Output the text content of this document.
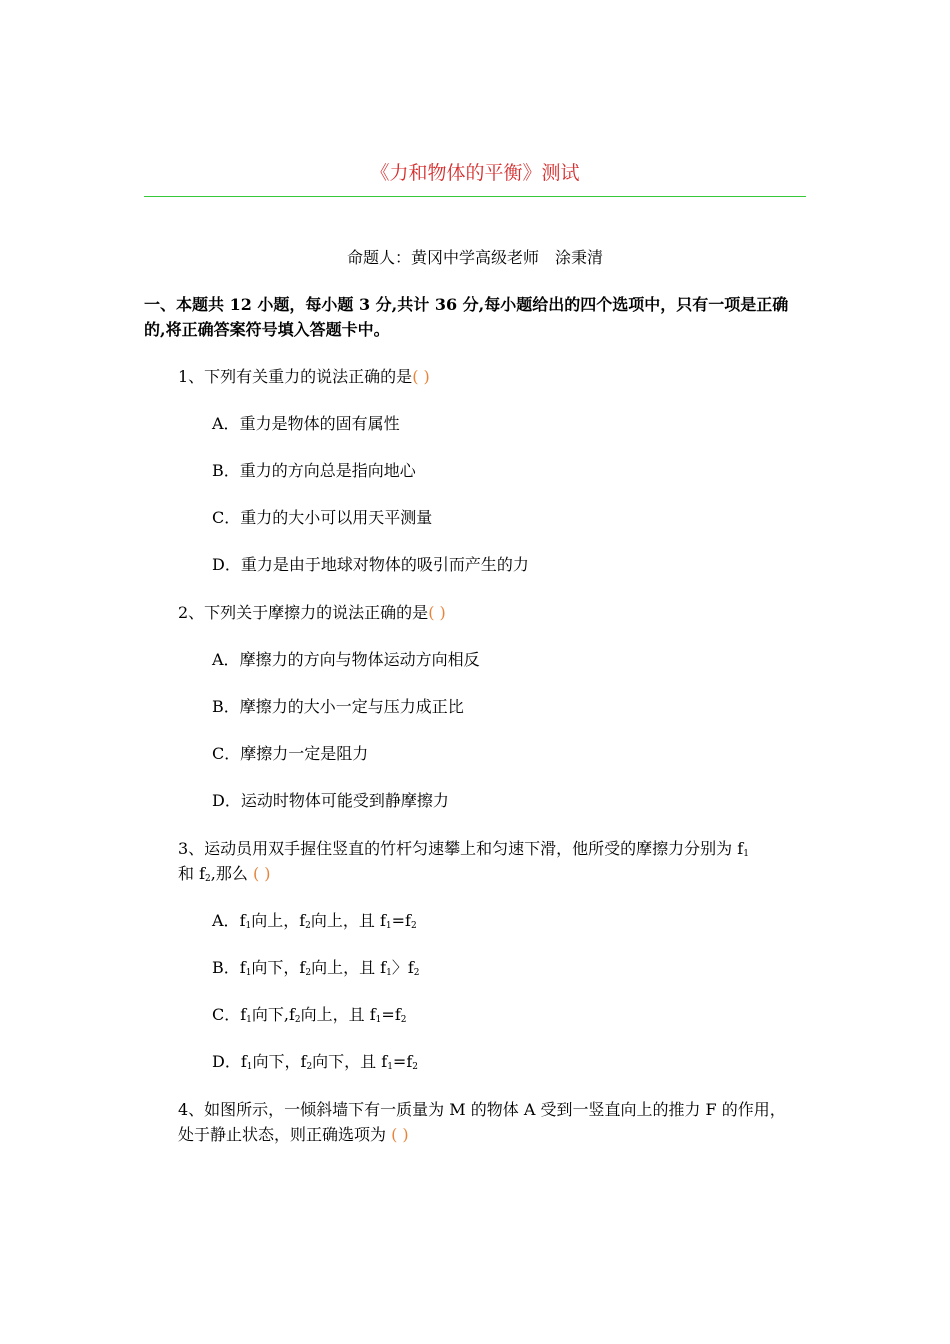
《力和物体的平衡》测试
命题人：黄冈中学高级老师　涂秉清
一、本题共 12 小题，每小题 3 分,共计 36 分,每小题给出的四个选项中，只有一项是正确的,将正确答案符号填入答题卡中。
1、下列有关重力的说法正确的是( )
A．重力是物体的固有属性
B．重力的方向总是指向地心
C．重力的大小可以用天平测量
D．重力是由于地球对物体的吸引而产生的力
2、下列关于摩擦力的说法正确的是( )
A．摩擦力的方向与物体运动方向相反
B．摩擦力的大小一定与压力成正比
C．摩擦力一定是阻力
D．运动时物体可能受到静摩擦力
3、运动员用双手握住竖直的竹杆匀速攀上和匀速下滑，他所受的摩擦力分别为 $f_1$
和 $f_2$,那么 ( )
A．$f_1$向上，$f_2$向上，且 $f_1=f_2$
B．$f_1$向下，$f_2$向上，且 $f_1$〉$f_2$
C．$f_1$向下$,f_2$向上，且 $f_1=f_2$
D．$f_1$向下，$f_2$向下，且 $f_1=f_2$
4、如图所示，一倾斜墙下有一质量为 M 的物体 A 受到一竖直向上的推力 F 的作用，处于静止状态，则正确选项为 ( )
